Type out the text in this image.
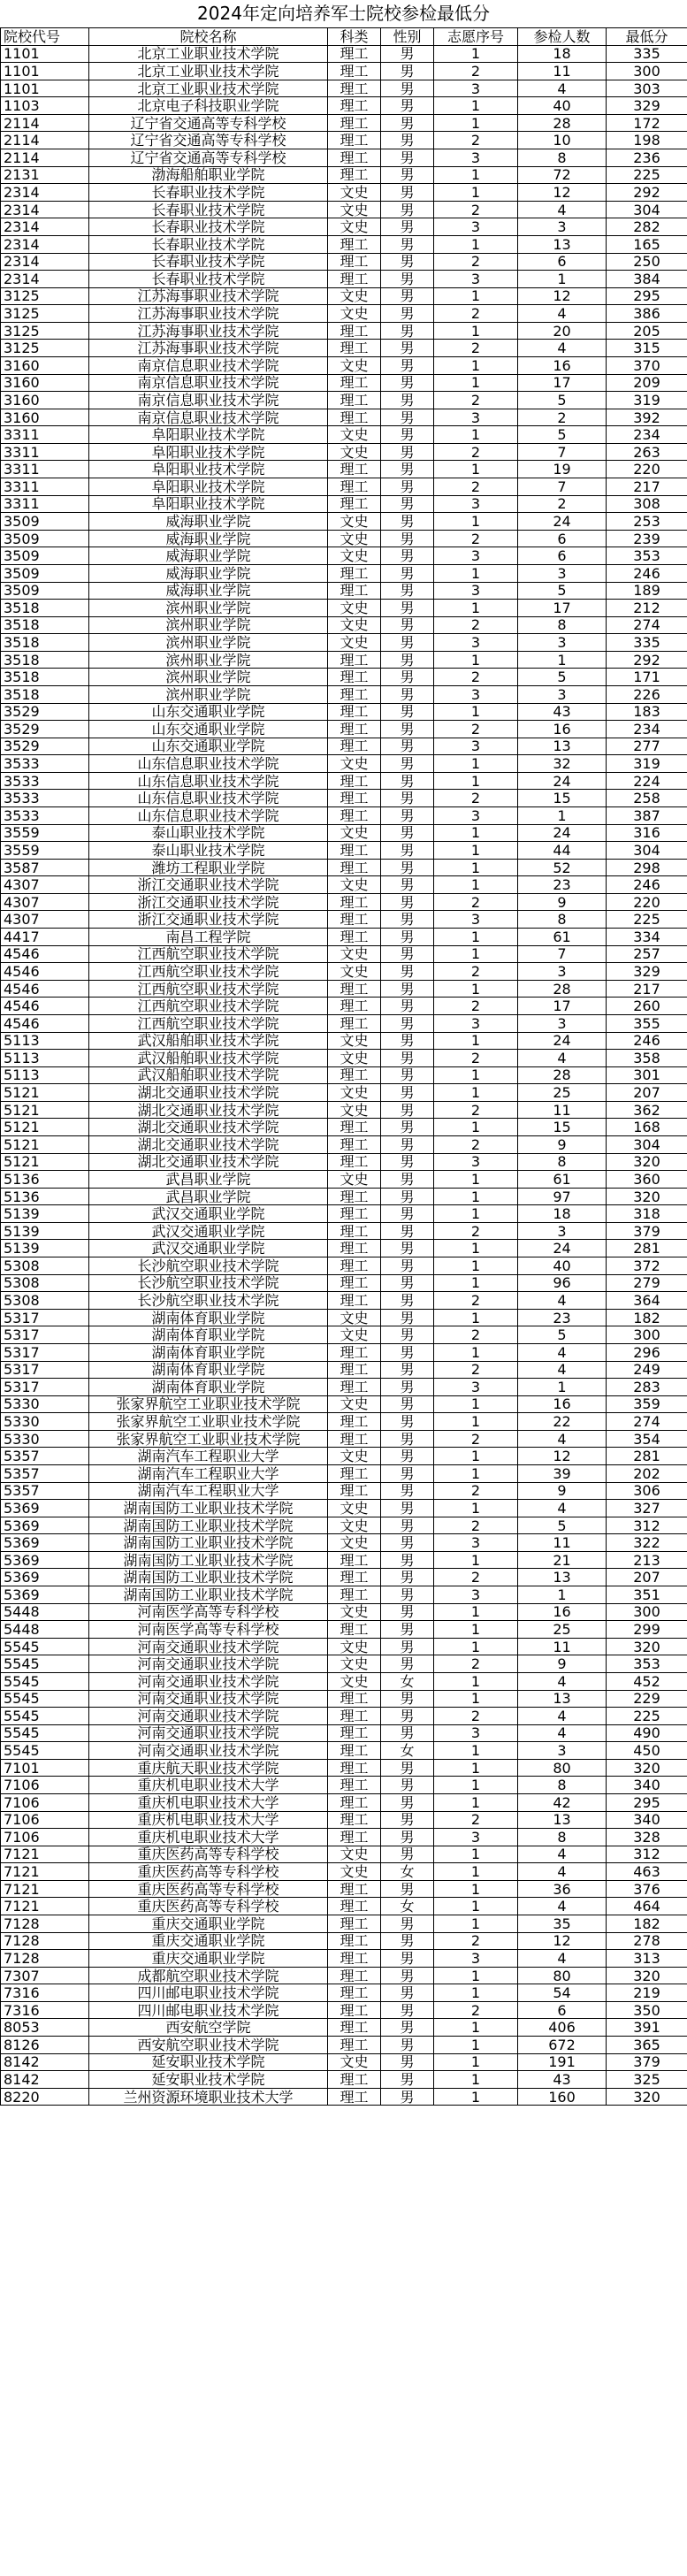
2024年定向培养军士院校参检最低分
院校代号	院校名称	科类	性别	志愿序号	参检人数	最低分
1101	北京工业职业技术学院	理工	男	1	18	335
1101	北京工业职业技术学院	理工	男	2	11	300
1101	北京工业职业技术学院	理工	男	3	4	303
1103	北京电子科技职业学院	理工	男	1	40	329
2114	辽宁省交通高等专科学校	理工	男	1	28	172
2114	辽宁省交通高等专科学校	理工	男	2	10	198
2114	辽宁省交通高等专科学校	理工	男	3	8	236
2131	渤海船舶职业学院	理工	男	1	72	225
2314	长春职业技术学院	文史	男	1	12	292
2314	长春职业技术学院	文史	男	2	4	304
2314	长春职业技术学院	文史	男	3	3	282
2314	长春职业技术学院	理工	男	1	13	165
2314	长春职业技术学院	理工	男	2	6	250
2314	长春职业技术学院	理工	男	3	1	384
3125	江苏海事职业技术学院	文史	男	1	12	295
3125	江苏海事职业技术学院	文史	男	2	4	386
3125	江苏海事职业技术学院	理工	男	1	20	205
3125	江苏海事职业技术学院	理工	男	2	4	315
3160	南京信息职业技术学院	文史	男	1	16	370
3160	南京信息职业技术学院	理工	男	1	17	209
3160	南京信息职业技术学院	理工	男	2	5	319
3160	南京信息职业技术学院	理工	男	3	2	392
3311	阜阳职业技术学院	文史	男	1	5	234
3311	阜阳职业技术学院	文史	男	2	7	263
3311	阜阳职业技术学院	理工	男	1	19	220
3311	阜阳职业技术学院	理工	男	2	7	217
3311	阜阳职业技术学院	理工	男	3	2	308
3509	威海职业学院	文史	男	1	24	253
3509	威海职业学院	文史	男	2	6	239
3509	威海职业学院	文史	男	3	6	353
3509	威海职业学院	理工	男	1	3	246
3509	威海职业学院	理工	男	3	5	189
3518	滨州职业学院	文史	男	1	17	212
3518	滨州职业学院	文史	男	2	8	274
3518	滨州职业学院	文史	男	3	3	335
3518	滨州职业学院	理工	男	1	1	292
3518	滨州职业学院	理工	男	2	5	171
3518	滨州职业学院	理工	男	3	3	226
3529	山东交通职业学院	理工	男	1	43	183
3529	山东交通职业学院	理工	男	2	16	234
3529	山东交通职业学院	理工	男	3	13	277
3533	山东信息职业技术学院	文史	男	1	32	319
3533	山东信息职业技术学院	理工	男	1	24	224
3533	山东信息职业技术学院	理工	男	2	15	258
3533	山东信息职业技术学院	理工	男	3	1	387
3559	泰山职业技术学院	文史	男	1	24	316
3559	泰山职业技术学院	理工	男	1	44	304
3587	潍坊工程职业学院	理工	男	1	52	298
4307	浙江交通职业技术学院	文史	男	1	23	246
4307	浙江交通职业技术学院	理工	男	2	9	220
4307	浙江交通职业技术学院	理工	男	3	8	225
4417	南昌工程学院	理工	男	1	61	334
4546	江西航空职业技术学院	文史	男	1	7	257
4546	江西航空职业技术学院	文史	男	2	3	329
4546	江西航空职业技术学院	理工	男	1	28	217
4546	江西航空职业技术学院	理工	男	2	17	260
4546	江西航空职业技术学院	理工	男	3	3	355
5113	武汉船舶职业技术学院	文史	男	1	24	246
5113	武汉船舶职业技术学院	文史	男	2	4	358
5113	武汉船舶职业技术学院	理工	男	1	28	301
5121	湖北交通职业技术学院	文史	男	1	25	207
5121	湖北交通职业技术学院	文史	男	2	11	362
5121	湖北交通职业技术学院	理工	男	1	15	168
5121	湖北交通职业技术学院	理工	男	2	9	304
5121	湖北交通职业技术学院	理工	男	3	8	320
5136	武昌职业学院	文史	男	1	61	360
5136	武昌职业学院	理工	男	1	97	320
5139	武汉交通职业学院	理工	男	1	18	318
5139	武汉交通职业学院	理工	男	2	3	379
5139	武汉交通职业学院	理工	男	1	24	281
5308	长沙航空职业技术学院	理工	男	1	40	372
5308	长沙航空职业技术学院	理工	男	1	96	279
5308	长沙航空职业技术学院	理工	男	2	4	364
5317	湖南体育职业学院	文史	男	1	23	182
5317	湖南体育职业学院	文史	男	2	5	300
5317	湖南体育职业学院	理工	男	1	4	296
5317	湖南体育职业学院	理工	男	2	4	249
5317	湖南体育职业学院	理工	男	3	1	283
5330	张家界航空工业职业技术学院	文史	男	1	16	359
5330	张家界航空工业职业技术学院	理工	男	1	22	274
5330	张家界航空工业职业技术学院	理工	男	2	4	354
5357	湖南汽车工程职业大学	文史	男	1	12	281
5357	湖南汽车工程职业大学	理工	男	1	39	202
5357	湖南汽车工程职业大学	理工	男	2	9	306
5369	湖南国防工业职业技术学院	文史	男	1	4	327
5369	湖南国防工业职业技术学院	文史	男	2	5	312
5369	湖南国防工业职业技术学院	文史	男	3	11	322
5369	湖南国防工业职业技术学院	理工	男	1	21	213
5369	湖南国防工业职业技术学院	理工	男	2	13	207
5369	湖南国防工业职业技术学院	理工	男	3	1	351
5448	河南医学高等专科学校	文史	男	1	16	300
5448	河南医学高等专科学校	理工	男	1	25	299
5545	河南交通职业技术学院	文史	男	1	11	320
5545	河南交通职业技术学院	文史	男	2	9	353
5545	河南交通职业技术学院	文史	女	1	4	452
5545	河南交通职业技术学院	理工	男	1	13	229
5545	河南交通职业技术学院	理工	男	2	4	225
5545	河南交通职业技术学院	理工	男	3	4	490
5545	河南交通职业技术学院	理工	女	1	3	450
7101	重庆航天职业技术学院	理工	男	1	80	320
7106	重庆机电职业技术大学	理工	男	1	8	340
7106	重庆机电职业技术大学	理工	男	1	42	295
7106	重庆机电职业技术大学	理工	男	2	13	340
7106	重庆机电职业技术大学	理工	男	3	8	328
7121	重庆医药高等专科学校	文史	男	1	4	312
7121	重庆医药高等专科学校	文史	女	1	4	463
7121	重庆医药高等专科学校	理工	男	1	36	376
7121	重庆医药高等专科学校	理工	女	1	4	464
7128	重庆交通职业学院	理工	男	1	35	182
7128	重庆交通职业学院	理工	男	2	12	278
7128	重庆交通职业学院	理工	男	3	4	313
7307	成都航空职业技术学院	理工	男	1	80	320
7316	四川邮电职业技术学院	理工	男	1	54	219
7316	四川邮电职业技术学院	理工	男	2	6	350
8053	西安航空学院	理工	男	1	406	391
8126	西安航空职业技术学院	理工	男	1	672	365
8142	延安职业技术学院	文史	男	1	191	379
8142	延安职业技术学院	理工	男	1	43	325
8220	兰州资源环境职业技术大学	理工	男	1	160	320
